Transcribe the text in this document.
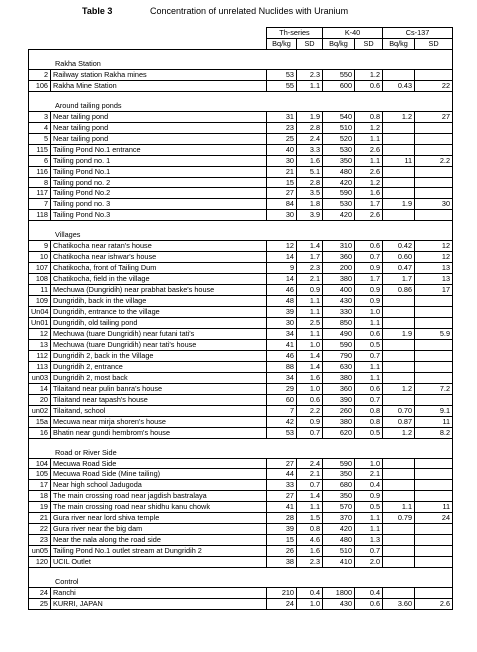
Table 3	Concentration of unrelated Nuclides with Uranium
		Th-series		K-40		Cs-137	
		Bq/kg	SD	Bq/kg	SD	Bq/kg	SD
Rakha Station							
2	Railway station Rakha mines	53	2.3	550	1.2		
106	Rakha Mine Station	55	1.1	600	0.6	0.43	22
Around tailing ponds							
3	Near tailing pond	31	1.9	540	0.8	1.2	27
4	Near tailing pond	23	2.8	510	1.2		
5	Near tailing pond	25	2.4	520	1.1		
115	Tailing Pond No.1 entrance	40	3.3	530	2.6		
6	Tailing pond no. 1	30	1.6	350	1.1	11	2.2
116	Tailing Pond No.1	21	5.1	480	2.6		
8	Tailing pond no. 2	15	2.8	420	1.2		
117	Tailing Pond No.2	27	3.5	590	1.6		
7	Tailing pond no. 3	84	1.8	530	1.7	1.9	30
118	Tailing Pond No.3	30	3.9	420	2.6		
Villages							
9	Chatikocha near ratan's house	12	1.4	310	0.6	0.42	12
10	Chatikocha near ishwar's house	14	1.7	360	0.7	0.60	12
107	Chatikocha, front of Tailing Dum	9	2.3	200	0.9	0.47	13
108	Chatikocha, field in the village	14	2.1	380	1.7	1.7	13
11	Mechuwa (Dungridih) near prabhat baske's house	46	0.9	400	0.9	0.86	17
109	Dungridih, back in the village	48	1.1	430	0.9		
Un04	Dungridih, entrance to the village	39	1.1	330	1.0		
Un01	Dungridih, old tailing pond	30	2.5	850	1.1		
12	Mechuwa (tuare Dungridih) near futani tati's	34	1.1	490	0.6	1.9	5.9
13	Mechuwa (tuare Dungridih) near tati's house	41	1.0	590	0.5		
112	Dungridih 2, back in the Village	46	1.4	790	0.7		
113	Dungridih 2, entrance	88	1.4	630	1.1		
un03	Dungridih 2, most back	34	1.6	380	1.1		
14	Tilaitand near pulin banra's house	29	1.0	360	0.6	1.2	7.2
20	Tilaitand near tapash's house	60	0.6	390	0.7		
un02	Tilaitand, school	7	2.2	260	0.8	0.70	9.1
15a	Mecuwa near mirja shoren's house	42	0.9	380	0.8	0.87	11
16	Bhatin near gundi hembrom's house	53	0.7	620	0.5	1.2	8.2
Road or River Side							
104	Mecuwa Road Side	27	2.4	590	1.0		
105	Mecuwa Road Side (Mine tailing)	44	2.1	350	2.1		
17	Near high school Jadugoda	33	0.7	680	0.4		
18	The main crossing road near jagdish bastralaya	27	1.4	350	0.9		
19	The main crossing road near shidhu kanu chowk	41	1.1	570	0.5	1.1	11
21	Gura river near lord shiva temple	28	1.5	370	1.1	0.79	24
22	Gura river near the big dam	39	0.8	420	1.1		
23	Near the nala along the road side	15	4.6	480	1.3		
un05	Tailing Pond No.1 outlet stream at Dungridih 2	26	1.6	510	0.7		
120	UCIL Outlet	38	2.3	410	2.0		
Control							
24	Ranchi	210	0.4	1800	0.4		
25	KURRI, JAPAN	24	1.0	430	0.6	3.60	2.6
